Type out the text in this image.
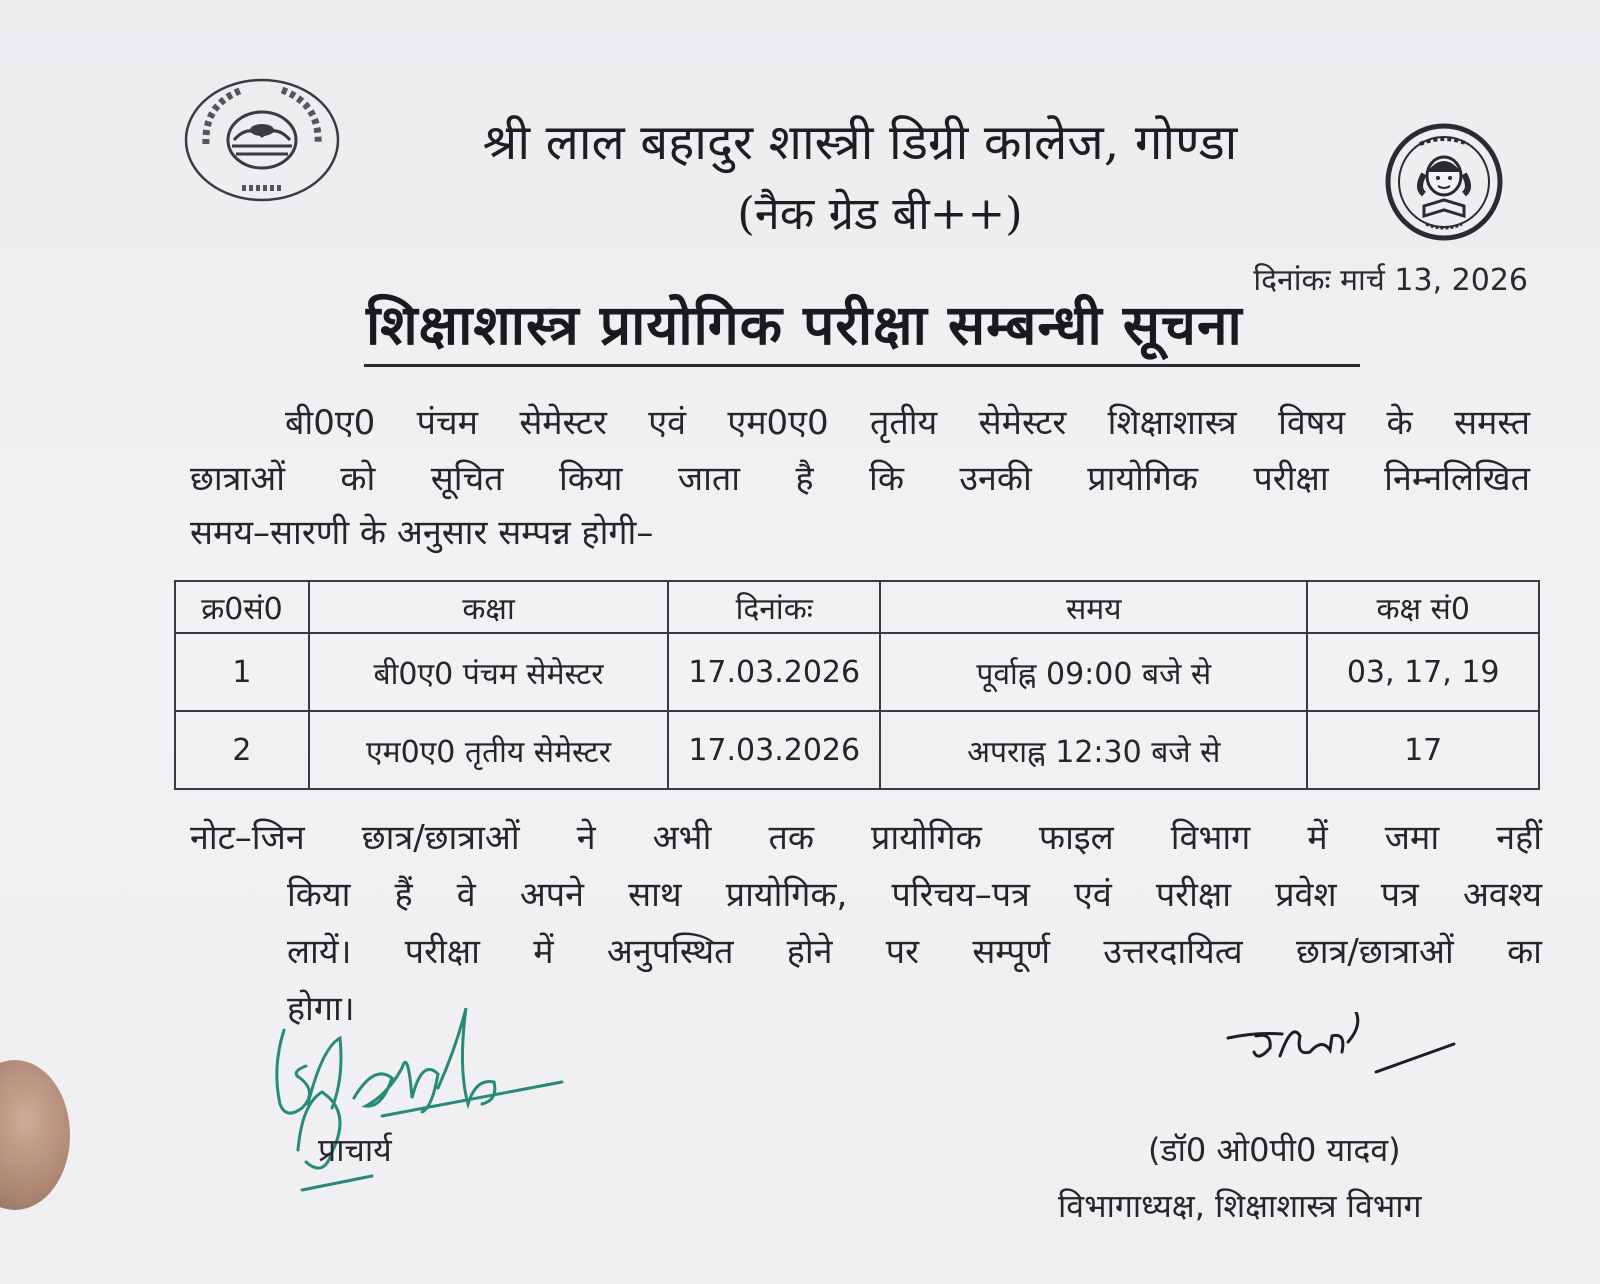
श्री लाल बहादुर शास्त्री डिग्री कालेज, गोण्डा
(नैक ग्रेड बी++)
दिनांकः मार्च 13, 2026
शिक्षाशास्त्र प्रायोगिक परीक्षा सम्बन्धी सूचना
बी0ए0 पंचम सेमेस्टर एवं एम0ए0 तृतीय सेमेस्टर शिक्षाशास्त्र विषय के समस्त
छात्राओं को सूचित किया जाता है कि उनकी प्रायोगिक परीक्षा निम्नलिखित
समय–सारणी के अनुसार सम्पन्न होगी–
क्र0सं0	कक्षा	दिनांकः	समय	कक्ष सं0
1	बी0ए0 पंचम सेमेस्टर	17.03.2026	पूर्वाह्न 09:00 बजे से	03, 17, 19
2	एम0ए0 तृतीय सेमेस्टर	17.03.2026	अपराह्न 12:30 बजे से	17
नोट–जिन छात्र/छात्राओं ने अभी तक प्रायोगिक फाइल विभाग में जमा नहीं
किया हैं वे अपने साथ प्रायोगिक, परिचय–पत्र एवं परीक्षा प्रवेश पत्र अवश्य
लायें। परीक्षा में अनुपस्थित होने पर सम्पूर्ण उत्तरदायित्व छात्र/छात्राओं का
होगा।
प्राचार्य	(डॉ0 ओ0पी0 यादव)
विभागाध्यक्ष, शिक्षाशास्त्र विभाग
